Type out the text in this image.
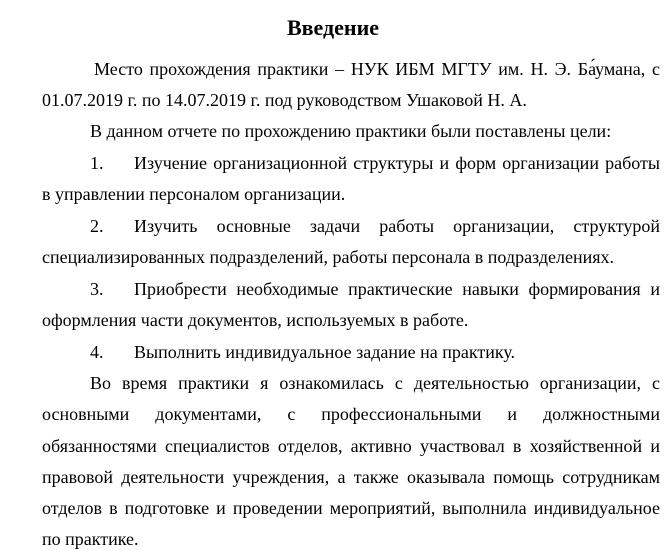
Введение
Место прохождения практики – НУК ИБМ МГТУ им. Н. Э. Ба́умана, с
01.07.2019 г. по 14.07.2019 г. под руководством Ушаковой Н. А.
В данном отчете по прохождению практики были поставлены цели:
1. Изучение организационной структуры и форм организации работы
в управлении персоналом организации.
2. Изучить основные задачи работы организации, структурой
специализированных подразделений, работы персонала в подразделениях.
3. Приобрести необходимые практические навыки формирования и
оформления части документов, используемых в работе.
4. Выполнить индивидуальное задание на практику.
Во время практики я ознакомилась с деятельностью организации, с
основными документами, с профессиональными и должностными
обязанностями специалистов отделов, активно участвовал в хозяйственной и
правовой деятельности учреждения, а также оказывала помощь сотрудникам
отделов в подготовке и проведении мероприятий, выполнила индивидуальное
по практике.
